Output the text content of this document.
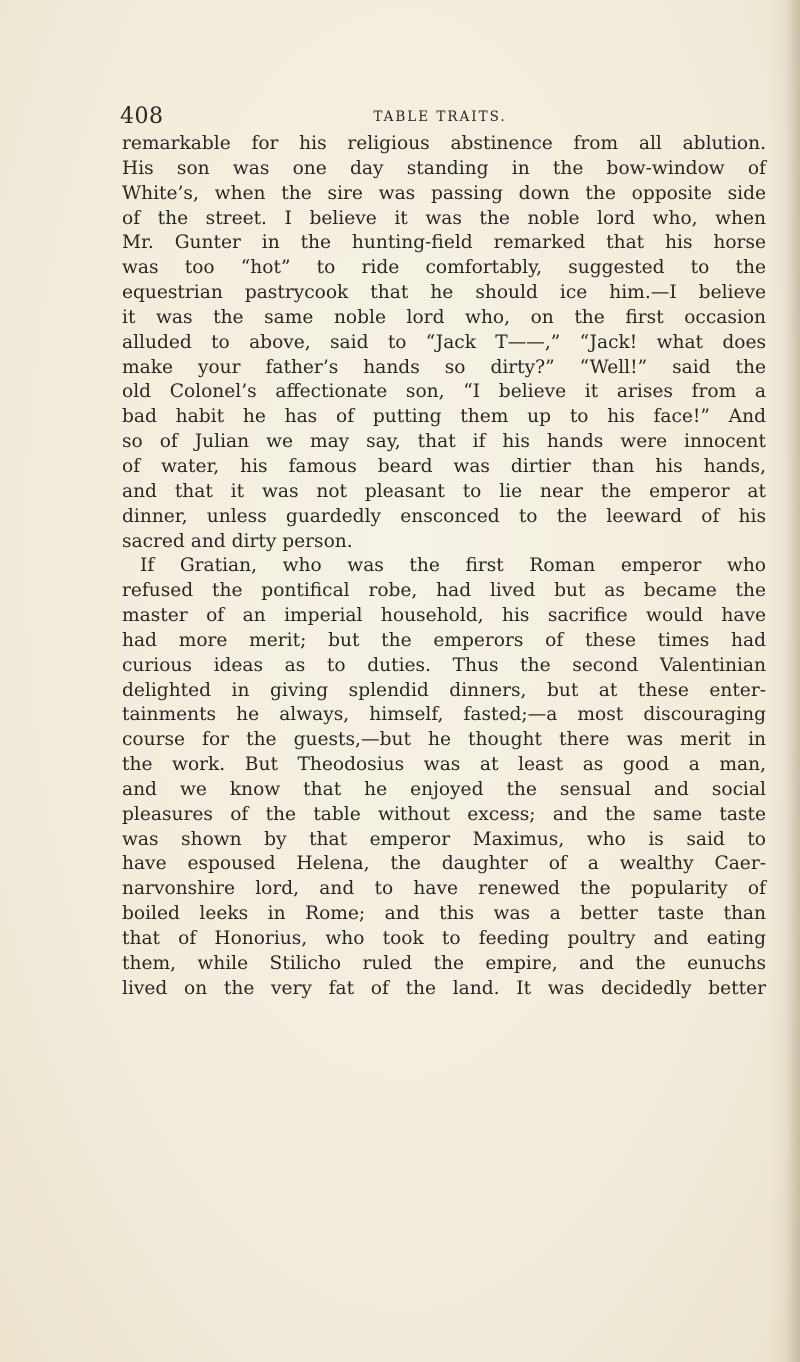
408	TABLE TRAITS.
remarkable for his religious abstinence from all ablution.
His son was one day standing in the bow-window of
White’s, when the sire was passing down the opposite side
of the street. I believe it was the noble lord who, when
Mr. Gunter in the hunting-field remarked that his horse
was too “hot” to ride comfortably, suggested to the
equestrian pastrycook that he should ice him.—I believe
it was the same noble lord who, on the first occasion
alluded to above, said to “Jack T——,” “Jack! what does
make your father’s hands so dirty?” “Well!” said the
old Colonel’s affectionate son, “I believe it arises from a
bad habit he has of putting them up to his face!” And
so of Julian we may say, that if his hands were innocent
of water, his famous beard was dirtier than his hands,
and that it was not pleasant to lie near the emperor at
dinner, unless guardedly ensconced to the leeward of his
sacred and dirty person.
If Gratian, who was the first Roman emperor who
refused the pontifical robe, had lived but as became the
master of an imperial household, his sacrifice would have
had more merit; but the emperors of these times had
curious ideas as to duties. Thus the second Valentinian
delighted in giving splendid dinners, but at these enter-
tainments he always, himself, fasted;—a most discouraging
course for the guests,—but he thought there was merit in
the work. But Theodosius was at least as good a man,
and we know that he enjoyed the sensual and social
pleasures of the table without excess; and the same taste
was shown by that emperor Maximus, who is said to
have espoused Helena, the daughter of a wealthy Caer-
narvonshire lord, and to have renewed the popularity of
boiled leeks in Rome; and this was a better taste than
that of Honorius, who took to feeding poultry and eating
them, while Stilicho ruled the empire, and the eunuchs
lived on the very fat of the land. It was decidedly better
